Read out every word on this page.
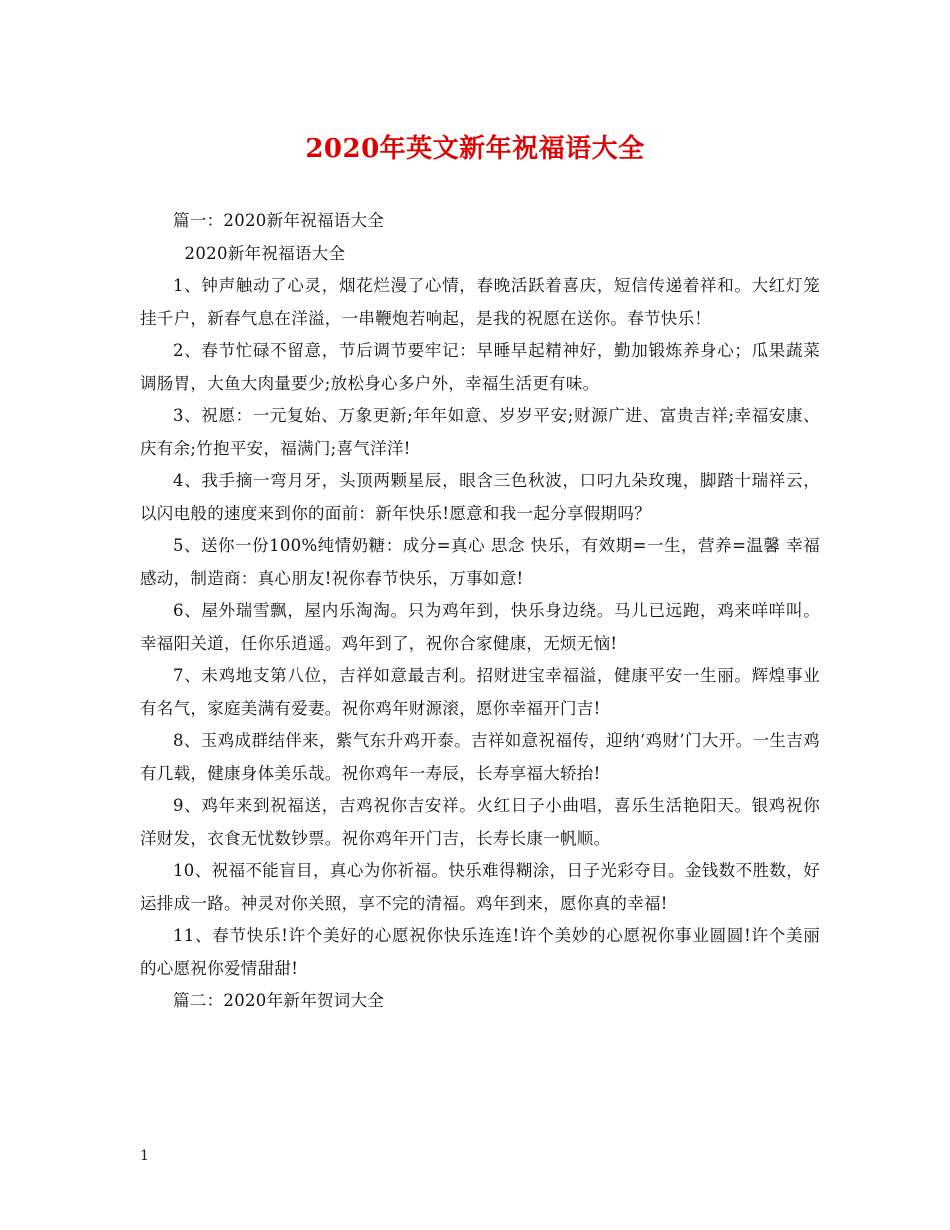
2020年英文新年祝福语大全

篇一：2020新年祝福语大全

2020新年祝福语大全

1、钟声触动了心灵，烟花烂漫了心情，春晚活跃着喜庆，短信传递着祥和。大红灯笼挂千户，新春气息在洋溢，一串鞭炮若响起，是我的祝愿在送你。春节快乐！

2、春节忙碌不留意，节后调节要牢记：早睡早起精神好，勤加锻炼养身心；瓜果蔬菜调肠胃，大鱼大肉量要少;放松身心多户外，幸福生活更有味。

3、祝愿：一元复始、万象更新;年年如意、岁岁平安;财源广进、富贵吉祥;幸福安康、庆有余;竹抱平安，福满门;喜气洋洋!

4、我手摘一弯月牙，头顶两颗星辰，眼含三色秋波，口叼九朵玫瑰，脚踏十瑞祥云，以闪电般的速度来到你的面前：新年快乐!愿意和我一起分享假期吗？

5、送你一份100%纯情奶糖：成分=真心 思念 快乐，有效期=一生，营养=温馨 幸福 感动，制造商：真心朋友!祝你春节快乐，万事如意!

6、屋外瑞雪飘，屋内乐淘淘。只为鸡年到，快乐身边绕。马儿已远跑，鸡来咩咩叫。幸福阳关道，任你乐逍遥。鸡年到了，祝你合家健康，无烦无恼!

7、未鸡地支第八位，吉祥如意最吉利。招财进宝幸福溢，健康平安一生丽。辉煌事业有名气，家庭美满有爱妻。祝你鸡年财源滚，愿你幸福开门吉!

8、玉鸡成群结伴来，紫气东升鸡开泰。吉祥如意祝福传，迎纳‘鸡财’门大开。一生吉鸡有几载，健康身体美乐哉。祝你鸡年一寿辰，长寿享福大轿抬!

9、鸡年来到祝福送，吉鸡祝你吉安祥。火红日子小曲唱，喜乐生活艳阳天。银鸡祝你洋财发，衣食无忧数钞票。祝你鸡年开门吉，长寿长康一帆顺。

10、祝福不能盲目，真心为你祈福。快乐难得糊涂，日子光彩夺目。金钱数不胜数，好运排成一路。神灵对你关照，享不完的清福。鸡年到来，愿你真的幸福!

11、春节快乐!许个美好的心愿祝你快乐连连!许个美妙的心愿祝你事业圆圆!许个美丽的心愿祝你爱情甜甜!

篇二：2020年新年贺词大全

1
